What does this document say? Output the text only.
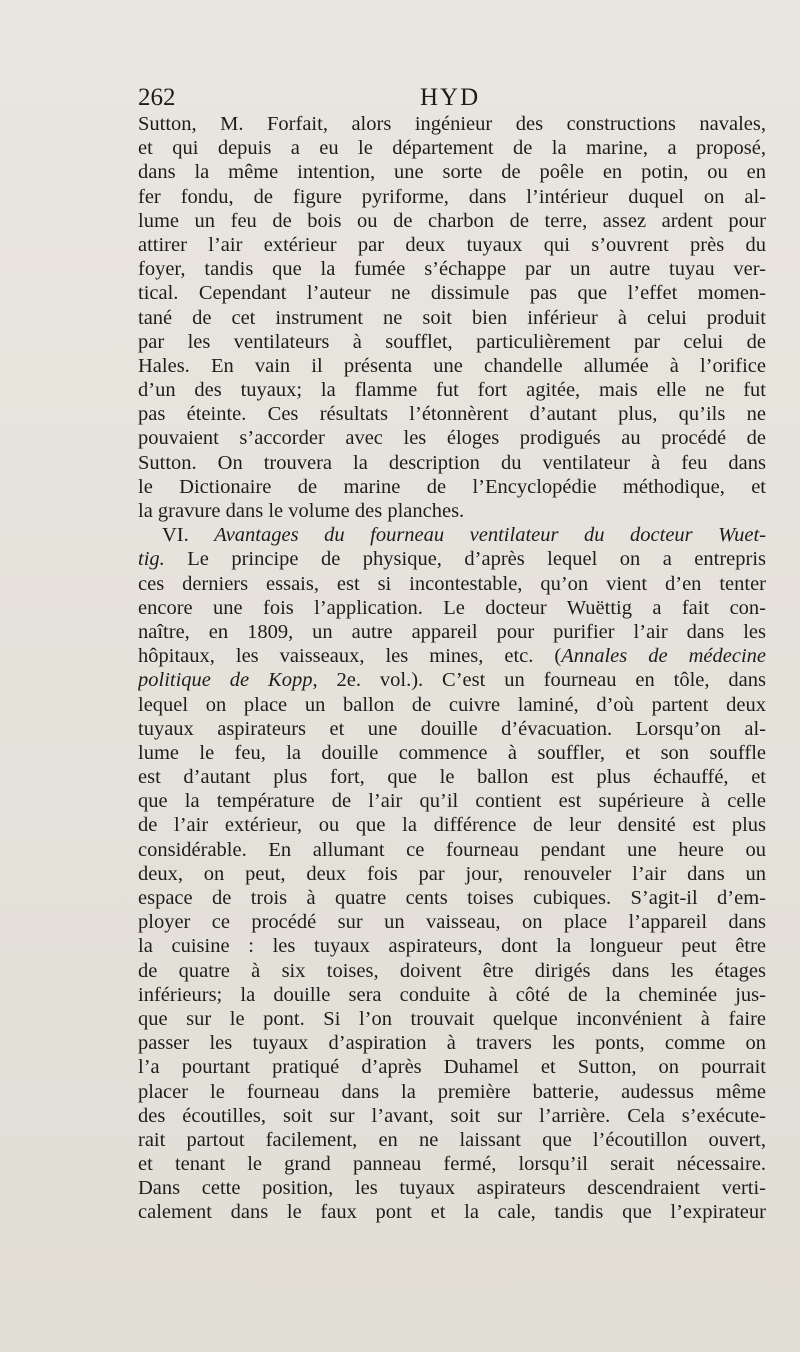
262	HYD
Sutton, M. Forfait, alors ingénieur des constructions navales,
et qui depuis a eu le département de la marine, a proposé,
dans la même intention, une sorte de poêle en potin, ou en
fer fondu, de figure pyriforme, dans l’intérieur duquel on al-
lume un feu de bois ou de charbon de terre, assez ardent pour
attirer l’air extérieur par deux tuyaux qui s’ouvrent près du
foyer, tandis que la fumée s’échappe par un autre tuyau ver-
tical. Cependant l’auteur ne dissimule pas que l’effet momen-
tané de cet instrument ne soit bien inférieur à celui produit
par les ventilateurs à soufflet, particulièrement par celui de
Hales. En vain il présenta une chandelle allumée à l’orifice
d’un des tuyaux; la flamme fut fort agitée, mais elle ne fut
pas éteinte. Ces résultats l’étonnèrent d’autant plus, qu’ils ne
pouvaient s’accorder avec les éloges prodigués au procédé de
Sutton. On trouvera la description du ventilateur à feu dans
le Dictionaire de marine de l’Encyclopédie méthodique, et
la gravure dans le volume des planches.
VI. Avantages du fourneau ventilateur du docteur Wuet-
tig. Le principe de physique, d’après lequel on a entrepris
ces derniers essais, est si incontestable, qu’on vient d’en tenter
encore une fois l’application. Le docteur Wuëttig a fait con-
naître, en 1809, un autre appareil pour purifier l’air dans les
hôpitaux, les vaisseaux, les mines, etc. (Annales de médecine
politique de Kopp, 2e. vol.). C’est un fourneau en tôle, dans
lequel on place un ballon de cuivre laminé, d’où partent deux
tuyaux aspirateurs et une douille d’évacuation. Lorsqu’on al-
lume le feu, la douille commence à souffler, et son souffle
est d’autant plus fort, que le ballon est plus échauffé, et
que la température de l’air qu’il contient est supérieure à celle
de l’air extérieur, ou que la différence de leur densité est plus
considérable. En allumant ce fourneau pendant une heure ou
deux, on peut, deux fois par jour, renouveler l’air dans un
espace de trois à quatre cents toises cubiques. S’agit-il d’em-
ployer ce procédé sur un vaisseau, on place l’appareil dans
la cuisine : les tuyaux aspirateurs, dont la longueur peut être
de quatre à six toises, doivent être dirigés dans les étages
inférieurs; la douille sera conduite à côté de la cheminée jus-
que sur le pont. Si l’on trouvait quelque inconvénient à faire
passer les tuyaux d’aspiration à travers les ponts, comme on
l’a pourtant pratiqué d’après Duhamel et Sutton, on pourrait
placer le fourneau dans la première batterie, audessus même
des écoutilles, soit sur l’avant, soit sur l’arrière. Cela s’exécute-
rait partout facilement, en ne laissant que l’écoutillon ouvert,
et tenant le grand panneau fermé, lorsqu’il serait nécessaire.
Dans cette position, les tuyaux aspirateurs descendraient verti-
calement dans le faux pont et la cale, tandis que l’expirateur
